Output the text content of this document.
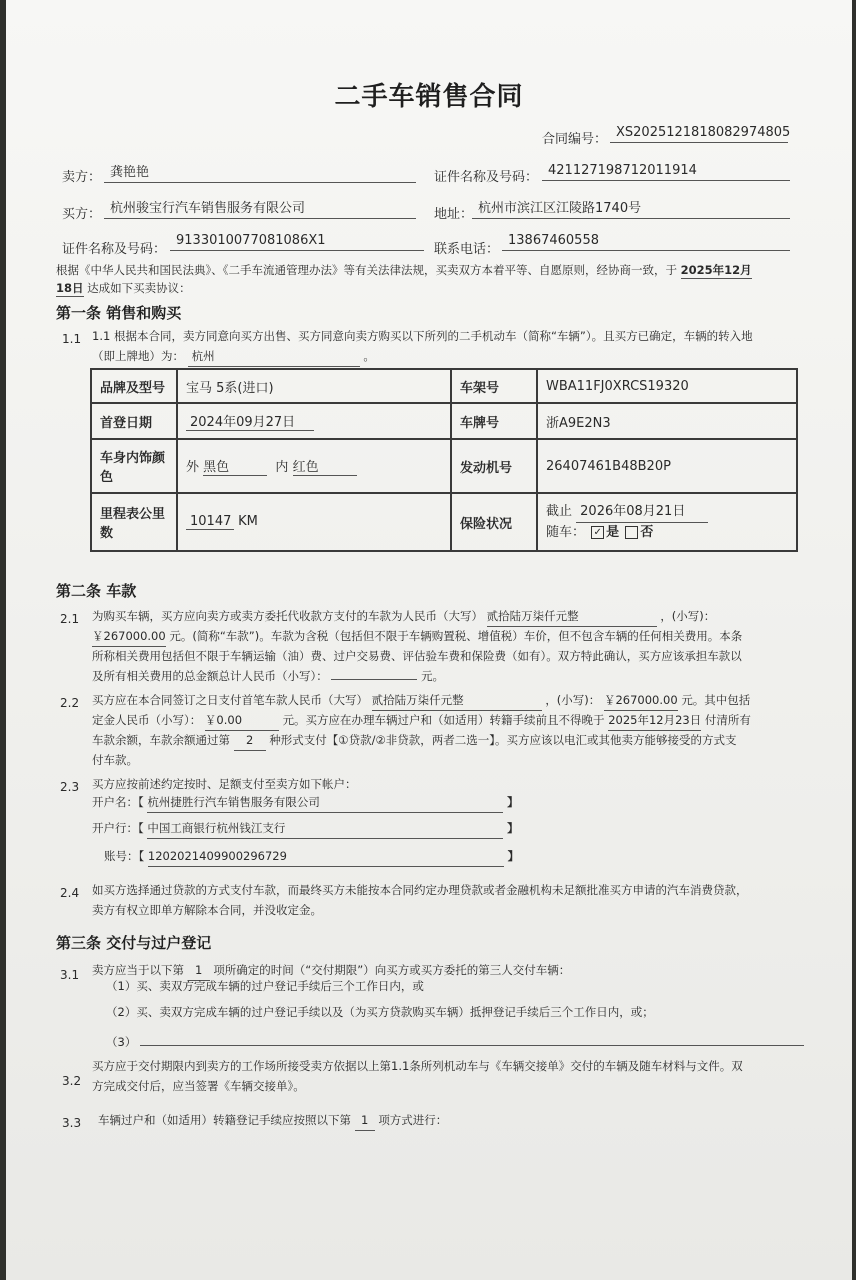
二手车销售合同
合同编号： XS2025121818082974805
卖方： 龚艳艳	证件名称及号码： 421127198712011914
买方： 杭州骏宝行汽车销售服务有限公司	地址： 杭州市滨江区江陵路1740号
证件名称及号码：
9133010077081086X1
联系电话：
13867460558
根据《中华人民共和国民法典》、《二手车流通管理办法》等有关法律法规，买卖双方本着平等、自愿原则，经协商一致，于 2025年12月
18日 达成如下买卖协议：
第一条 销售和购买
1.1 1.1 根据本合同，卖方同意向买方出售、买方同意向卖方购买以下所列的二手机动车（简称“车辆”）。且买方已确定，车辆的转入地
（即上牌地）为： 杭州	。
品牌及型号	宝马 5系(进口)	车架号	WBA11FJ0XRCS19320
首登日期	2024年09月27日	车牌号	浙A9E2N3
车身内饰颜色	外 黑色 内 红色	发动机号	26407461B48B20P
里程表公里数	10147 KM	保险状况	截止 2026年08月21日
随车： ✓ 是 否
第二条 车款
2.1 为购买车辆，买方应向卖方或卖方委托代收款方支付的车款为人民币（大写） 贰拾陆万柒仟元整	，(小写)：
￥267000.00 元。(简称“车款”)。车款为含税（包括但不限于车辆购置税、增值税）车价，但不包含车辆的任何相关费用。本条
所称相关费用包括但不限于车辆运输（油）费、过户交易费、评估验车费和保险费（如有）。双方特此确认，买方应该承担车款以
及所有相关费用的总金额总计人民币（小写）：	元。
2.2 买方应在本合同签订之日支付首笔车款人民币（大写） 贰拾陆万柒仟元整	，(小写)： ￥267000.00 元。其中包括
定金人民币（小写）： ￥0.00	元。买方应在办理车辆过户和（如适用）转籍手续前且不得晚于 2025年12月23日 付清所有
车款余额，车款余额通过第 2 种形式支付【①贷款/②非贷款，两者二选一】。买方应该以电汇或其他卖方能够接受的方式支
付车款。
2.3 买方应按前述约定按时、足额支付至卖方如下帐户：
开户名：【 杭州捷胜行汽车销售服务有限公司	】
开户行：【 中国工商银行杭州钱江支行	】
账号：【 1202021409900296729	】
2.4 如买方选择通过贷款的方式支付车款，而最终买方未能按本合同约定办理贷款或者金融机构未足额批准买方申请的汽车消费贷款，
卖方有权立即单方解除本合同，并没收定金。
第三条 交付与过户登记
3.1 卖方应当于以下第 1 项所确定的时间（“交付期限”）向买方或买方委托的第三人交付车辆：
（1）买、卖双方完成车辆的过户登记手续后三个工作日内，或
（2）买、卖双方完成车辆的过户登记手续以及（为买方贷款购买车辆）抵押登记手续后三个工作日内，或；
（3）
3.2
买方应于交付期限内到卖方的工作场所接受卖方依据以上第1.1条所列机动车与《车辆交接单》交付的车辆及随车材料与文件。双
方完成交付后，应当签署《车辆交接单》。
3.3 车辆过户和（如适用）转籍登记手续应按照以下第 1 项方式进行：
